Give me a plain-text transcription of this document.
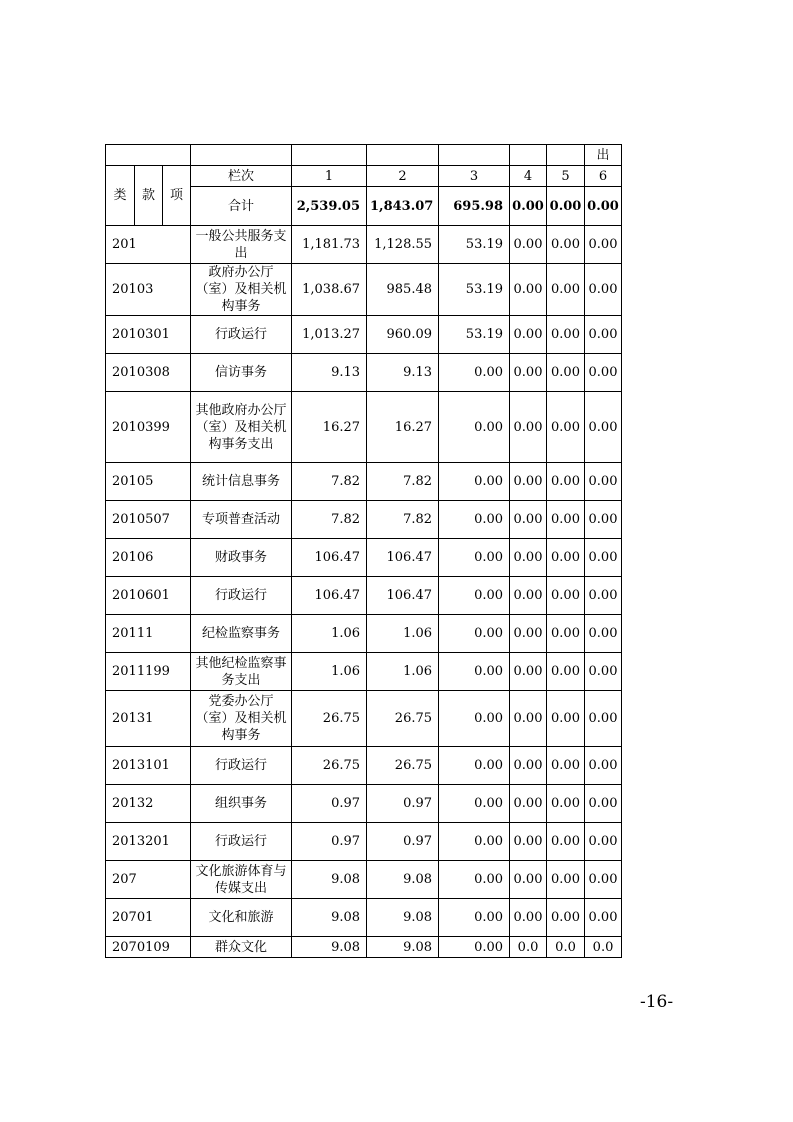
									出
类	款	项	栏次	1	2	3	4	5	6
			合计	2,539.05	1,843.07	695.98	0.00	0.00	0.00
201			一般公共服务支出	1,181.73	1,128.55	53.19	0.00	0.00	0.00
20103			政府办公厅（室）及相关机构事务	1,038.67	985.48	53.19	0.00	0.00	0.00
2010301			行政运行	1,013.27	960.09	53.19	0.00	0.00	0.00
2010308			信访事务	9.13	9.13	0.00	0.00	0.00	0.00
2010399			其他政府办公厅（室）及相关机构事务支出	16.27	16.27	0.00	0.00	0.00	0.00
20105			统计信息事务	7.82	7.82	0.00	0.00	0.00	0.00
2010507			专项普查活动	7.82	7.82	0.00	0.00	0.00	0.00
20106			财政事务	106.47	106.47	0.00	0.00	0.00	0.00
2010601			行政运行	106.47	106.47	0.00	0.00	0.00	0.00
20111			纪检监察事务	1.06	1.06	0.00	0.00	0.00	0.00
2011199			其他纪检监察事务支出	1.06	1.06	0.00	0.00	0.00	0.00
20131			党委办公厅（室）及相关机构事务	26.75	26.75	0.00	0.00	0.00	0.00
2013101			行政运行	26.75	26.75	0.00	0.00	0.00	0.00
20132			组织事务	0.97	0.97	0.00	0.00	0.00	0.00
2013201			行政运行	0.97	0.97	0.00	0.00	0.00	0.00
207			文化旅游体育与传媒支出	9.08	9.08	0.00	0.00	0.00	0.00
20701			文化和旅游	9.08	9.08	0.00	0.00	0.00	0.00
2070109			群众文化	9.08	9.08	0.00	0.0	0.0	0.0
-16-
